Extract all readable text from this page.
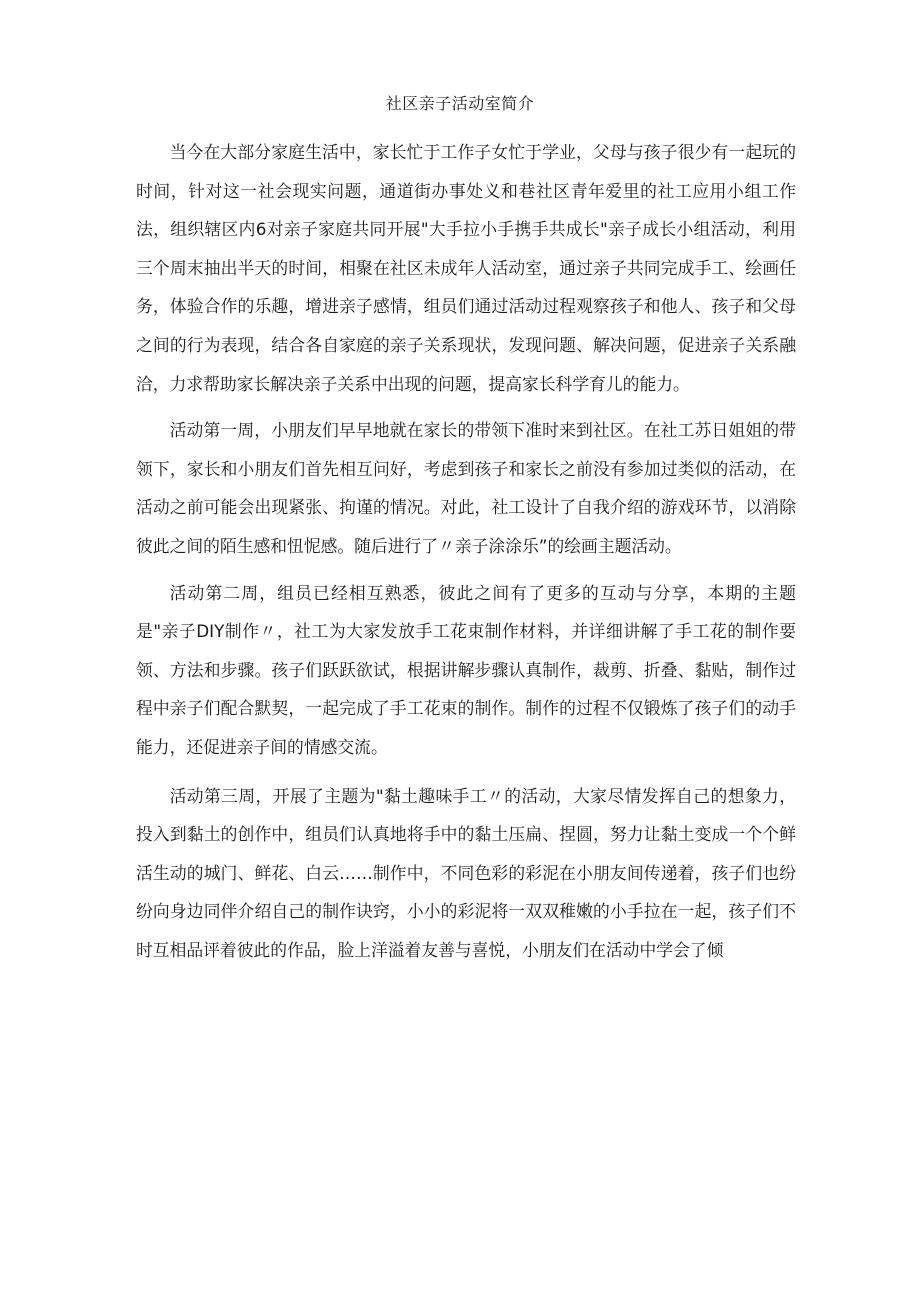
社区亲子活动室简介

当今在大部分家庭生活中，家长忙于工作子女忙于学业，父母与孩子很少有一起玩的时间，针对这一社会现实问题，通道街办事处义和巷社区青年爱里的社工应用小组工作法，组织辖区内6对亲子家庭共同开展"大手拉小手携手共成长"亲子成长小组活动，利用三个周末抽出半天的时间，相聚在社区未成年人活动室，通过亲子共同完成手工、绘画任务，体验合作的乐趣，增进亲子感情，组员们通过活动过程观察孩子和他人、孩子和父母之间的行为表现，结合各自家庭的亲子关系现状，发现问题、解决问题，促进亲子关系融洽，力求帮助家长解决亲子关系中出现的问题，提高家长科学育儿的能力。

活动第一周，小朋友们早早地就在家长的带领下准时来到社区。在社工苏日姐姐的带领下，家长和小朋友们首先相互问好，考虑到孩子和家长之前没有参加过类似的活动，在活动之前可能会出现紧张、拘谨的情况。对此，社工设计了自我介绍的游戏环节，以消除彼此之间的陌生感和忸怩感。随后进行了〃亲子涂涂乐”的绘画主题活动。

活动第二周，组员已经相互熟悉，彼此之间有了更多的互动与分享，本期的主题是"亲子DIY制作〃，社工为大家发放手工花束制作材料，并详细讲解了手工花的制作要领、方法和步骤。孩子们跃跃欲试，根据讲解步骤认真制作，裁剪、折叠、黏贴，制作过程中亲子们配合默契，一起完成了手工花束的制作。制作的过程不仅锻炼了孩子们的动手能力，还促进亲子间的情感交流。

活动第三周，开展了主题为"黏土趣味手工〃的活动，大家尽情发挥自己的想象力，投入到黏土的创作中，组员们认真地将手中的黏土压扁、捏圆，努力让黏土变成一个个鲜活生动的城门、鲜花、白云……制作中，不同色彩的彩泥在小朋友间传递着，孩子们也纷纷向身边同伴介绍自己的制作诀窍，小小的彩泥将一双双稚嫩的小手拉在一起，孩子们不时互相品评着彼此的作品，脸上洋溢着友善与喜悦，小朋友们在活动中学会了倾
